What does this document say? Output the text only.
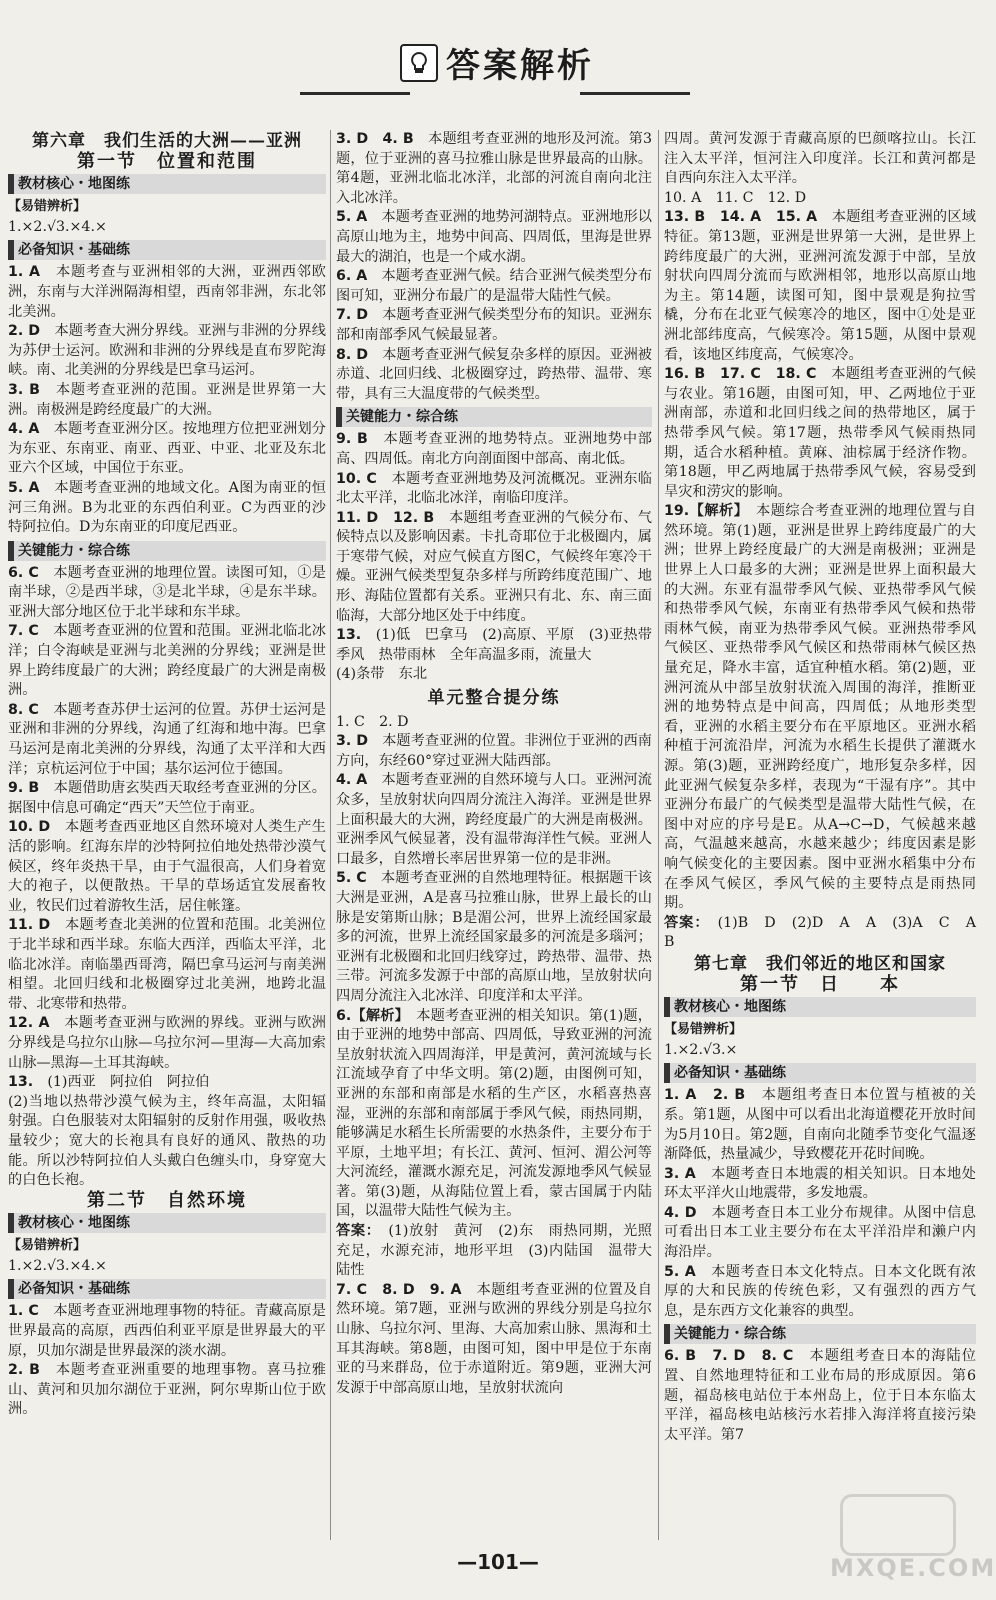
答案解析
第六章　我们生活的大洲——亚洲
第一节　位置和范围
教材核心・地图练
【 易错辨析 】

1.×2.√3.×4.×

必备知识・基础练

1. A　 本题考查与亚洲相邻的大洲，亚洲西邻欧洲，东南与大洋洲隔海相望，西南邻非洲，东北邻北美洲。

2. D　 本题考查大洲分界线。亚洲与非洲的分界线为苏伊士运河。欧洲和非洲的分界线是直布罗陀海峡。南、北美洲的分界线是巴拿马运河。

3. B　 本题考查亚洲的范围。亚洲是世界第一大洲。南极洲是跨经度最广的大洲。

4. A　 本题考查亚洲分区。按地理方位把亚洲划分为东亚、东南亚、南亚、西亚、中亚、北亚及东北亚六个区域，中国位于东亚。

5. A　 本题考查亚洲的地域文化。A图为南亚的恒河三角洲。B为北亚的东西伯利亚。C为西亚的沙特阿拉伯。D为东南亚的印度尼西亚。

关键能力・综合练

6. C　 本题考查亚洲的地理位置。读图可知，①是南半球，②是西半球，③是北半球，④是东半球。亚洲大部分地区位于北半球和东半球。

7. C　 本题考查亚洲的位置和范围。亚洲北临北冰洋；白令海峡是亚洲与北美洲的分界线；亚洲是世界上跨纬度最广的大洲；跨经度最广的大洲是南极洲。

8. C　 本题考查苏伊士运河的位置。苏伊士运河是亚洲和非洲的分界线，沟通了红海和地中海。巴拿马运河是南北美洲的分界线，沟通了太平洋和大西洋；京杭运河位于中国；基尔运河位于德国。

9. B　 本题借助唐玄奘西天取经考查亚洲的分区。据图中信息可确定“西天”天竺位于南亚。

10. D　 本题考查西亚地区自然环境对人类生产生活的影响。红海东岸的沙特阿拉伯地处热带沙漠气候区，终年炎热干旱，由于气温很高，人们身着宽大的袍子，以便散热。干旱的草场适宜发展畜牧业，牧民们过着游牧生活，居住帐篷。

11. D　 本题考查北美洲的位置和范围。北美洲位于北半球和西半球。东临大西洋，西临太平洋，北临北冰洋。南临墨西哥湾，隔巴拿马运河与南美洲相望。北回归线和北极圈穿过北美洲，地跨北温带、北寒带和热带。

12. A　 本题考查亚洲与欧洲的界线。亚洲与欧洲分界线是乌拉尔山脉—乌拉尔河—里海—大高加索山脉—黑海—土耳其海峡。

13.　 (1)西亚　阿拉伯　阿拉伯

(2)当地以热带沙漠气候为主，终年高温，太阳辐射强。白色服装对太阳辐射的反射作用强，吸收热量较少；宽大的长袍具有良好的通风、散热的功能。所以沙特阿拉伯人头戴白色缠头巾，身穿宽大的白色长袍。

第二节　自然环境
教材核心・地图练
【 易错辨析 】

1.×2.√3.×4.×

必备知识・基础练

1. C　 本题考查亚洲地理事物的特征。青藏高原是世界最高的高原，西西伯利亚平原是世界最大的平原，贝加尔湖是世界最深的淡水湖。

2. B　 本题考查亚洲重要的地理事物。喜马拉雅山、黄河和贝加尔湖位于亚洲，阿尔卑斯山位于欧洲。

3. D　4. B　 本题组考查亚洲的地形及河流。第3题，位于亚洲的喜马拉雅山脉是世界最高的山脉。第4题，亚洲北临北冰洋，北部的河流自南向北注入北冰洋。

5. A　 本题考查亚洲的地势河湖特点。亚洲地形以高原山地为主，地势中间高、四周低，里海是世界最大的湖泊，也是一个咸水湖。

6. A　 本题考查亚洲气候。结合亚洲气候类型分布图可知，亚洲分布最广的是温带大陆性气候。

7. D　 本题考查亚洲气候类型分布的知识。亚洲东部和南部季风气候最显著。

8. D　 本题考查亚洲气候复杂多样的原因。亚洲被赤道、北回归线、北极圈穿过，跨热带、温带、寒带，具有三大温度带的气候类型。

关键能力・综合练

9. B　 本题考查亚洲的地势特点。亚洲地势中部高、四周低。南北方向剖面图中部高、南北低。

10. C　 本题考查亚洲地势及河流概况。亚洲东临北太平洋，北临北冰洋，南临印度洋。

11. D　12. B　 本题组考查亚洲的气候分布、气候特点以及影响因素。卡扎奇耶位于北极圈内，属于寒带气候，对应气候直方图C，气候终年寒冷干燥。亚洲气候类型复杂多样与所跨纬度范围广、地形、海陆位置都有关系。亚洲只有北、东、南三面临海，大部分地区处于中纬度。

13.　 (1)低　巴拿马　(2)高原、平原　(3)亚热带季风　热带雨林　全年高温多雨，流量大

(4)条带　东北

单元整合提分练

1. C　2. D

3. D　 本题考查亚洲的位置。非洲位于亚洲的西南方向，东经60°穿过亚洲大陆西部。

4. A　 本题考查亚洲的自然环境与人口。亚洲河流众多，呈放射状向四周分流注入海洋。亚洲是世界上面积最大的大洲，跨经度最广的大洲是南极洲。亚洲季风气候显著，没有温带海洋性气候。亚洲人口最多，自然增长率居世界第一位的是非洲。

5. C　 本题考查亚洲的自然地理特征。根据题干该大洲是亚洲，A是喜马拉雅山脉，世界上最长的山脉是安第斯山脉；B是湄公河，世界上流经国家最多的河流，世界上流经国家最多的河流是多瑙河；亚洲有北极圈和北回归线穿过，跨热带、温带、热三带。河流多发源于中部的高原山地，呈放射状向四周分流注入北冰洋、印度洋和太平洋。

6.【解析】　 本题考查亚洲的相关知识。第(1)题，由于亚洲的地势中部高、四周低，导致亚洲的河流呈放射状流入四周海洋，甲是黄河，黄河流域与长江流域孕育了中华文明。第(2)题，由图例可知，亚洲的东部和南部是水稻的生产区，水稻喜热喜湿，亚洲的东部和南部属于季风气候，雨热同期，能够满足水稻生长所需要的水热条件，主要分布于平原，土地平坦；有长江、黄河、恒河、湄公河等大河流经，灌溉水源充足，河流发源地季风气候显著。第(3)题，从海陆位置上看，蒙古国属于内陆国，以温带大陆性气候为主。

答案：　 (1)放射　黄河　(2)东　雨热同期，光照充足，水源充沛，地形平坦　(3)内陆国　温带大陆性

7. C　8. D　9. A　 本题组考查亚洲的位置及自然环境。第7题，亚洲与欧洲的界线分别是乌拉尔山脉、乌拉尔河、里海、大高加索山脉、黑海和土耳其海峡。第8题，由图可知，图中甲是位于东南亚的马来群岛，位于赤道附近。第9题，亚洲大河发源于中部高原山地，呈放射状流向

四周。黄河发源于青藏高原的巴颜喀拉山。长江注入太平洋，恒河注入印度洋。长江和黄河都是自西向东注入太平洋。

10. A　11. C　12. D

13. B　14. A　15. A　 本题组考查亚洲的区域特征。第13题，亚洲是世界第一大洲，是世界上跨纬度最广的大洲，亚洲河流发源于中部，呈放射状向四周分流而与欧洲相邻，地形以高原山地为主。第14题，读图可知，图中景观是狗拉雪橇，分布在北亚气候寒冷的地区，图中①处是亚洲北部纬度高，气候寒冷。第15题，从图中景观看，该地区纬度高，气候寒冷。

16. B　17. C　18. C　 本题组考查亚洲的气候与农业。第16题，由图可知，甲、乙两地位于亚洲南部，赤道和北回归线之间的热带地区，属于热带季风气候。第17题，热带季风气候雨热同期，适合水稻种植。黄麻、油棕属于经济作物。第18题，甲乙两地属于热带季风气候，容易受到旱灾和涝灾的影响。

19.【解析】　 本题综合考查亚洲的地理位置与自然环境。第(1)题，亚洲是世界上跨纬度最广的大洲；世界上跨经度最广的大洲是南极洲；亚洲是世界上人口最多的大洲；亚洲是世界上面积最大的大洲。东亚有温带季风气候、亚热带季风气候和热带季风气候，东南亚有热带季风气候和热带雨林气候，南亚为热带季风气候。亚洲热带季风气候区、亚热带季风气候区和热带雨林气候区热量充足，降水丰富，适宜种植水稻。第(2)题，亚洲河流从中部呈放射状流入周围的海洋，推断亚洲的地势特点是中间高，四周低；从地形类型看，亚洲的水稻主要分布在平原地区。亚洲水稻种植于河流沿岸，河流为水稻生长提供了灌溉水源。第(3)题，亚洲跨经度广，地形复杂多样，因此亚洲气候复杂多样，表现为“干湿有序”。其中亚洲分布最广的气候类型是温带大陆性气候，在图中对应的序号是E。从A→C→D，气候越来越高，气温越来越高，水越来越少；纬度因素是影响气候变化的主要因素。图中亚洲水稻集中分布在季风气候区，季风气候的主要特点是雨热同期。

答案：　 (1)B　D　(2)D　A　A　(3)A　C　A　B

第七章　我们邻近的地区和国家
第一节　日　　本
教材核心・地图练
【 易错辨析 】

1.×2.√3.×

必备知识・基础练

1. A　2. B　 本题组考查日本位置与植被的关系。第1题，从图中可以看出北海道樱花开放时间为5月10日。第2题，自南向北随季节变化气温逐渐降低，热量减少，导致樱花开花时间晚。

3. A　 本题考查日本地震的相关知识。日本地处环太平洋火山地震带，多发地震。

4. D　 本题考查日本工业分布规律。从图中信息可看出日本工业主要分布在太平洋沿岸和濑户内海沿岸。

5. A　 本题考查日本文化特点。日本文化既有浓厚的大和民族的传统色彩，又有强烈的西方气息，是东西方文化兼容的典型。

关键能力・综合练

6. B　7. D　8. C　 本题组考查日本的海陆位置、自然地理特征和工业布局的形成原因。第6题，福岛核电站位于本州岛上，位于日本东临太平洋，福岛核电站核污水若排入海洋将直接污染太平洋。第7

—101—	MXQE.COM
